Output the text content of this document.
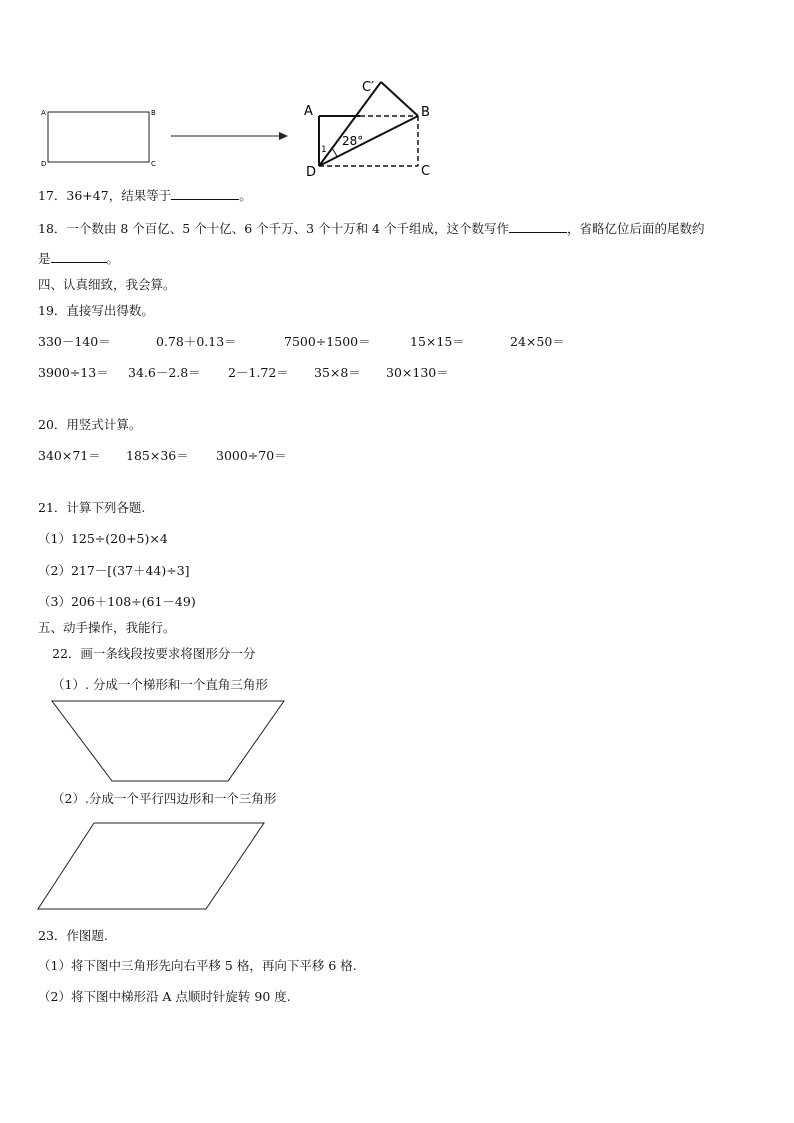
A	B
C
D
A	B
C
C′
D
28°
1
17．36+47，结果等于	。
18．一个数由 8 个百亿、5 个十亿、6 个千万、3 个十万和 4 个千组成，这个数写作	，省略亿位后面的尾数约
是	。
四、认真细致，我会算。
19．直接写出得数。
330－140＝	0.78＋0.13＝	7500÷1500＝	15×15＝	24×50＝
3900÷13＝ 34.6－2.8＝ 2－1.72＝ 35×8＝ 30×130＝
20．用竖式计算。
340×71＝ 185×36＝ 3000÷70＝
21．计算下列各题.
（1）125÷(20+5)×4
（2）217－[(37＋44)÷3]
（3）206＋108÷(61－49)
五、动手操作，我能行。
22．画一条线段按要求将图形分一分
（1）. 分成一个梯形和一个直角三角形
（2）.分成一个平行四边形和一个三角形
23．作图题.
（1）将下图中三角形先向右平移 5 格，再向下平移 6 格.
（2）将下图中梯形沿 A 点顺时针旋转 90 度.
